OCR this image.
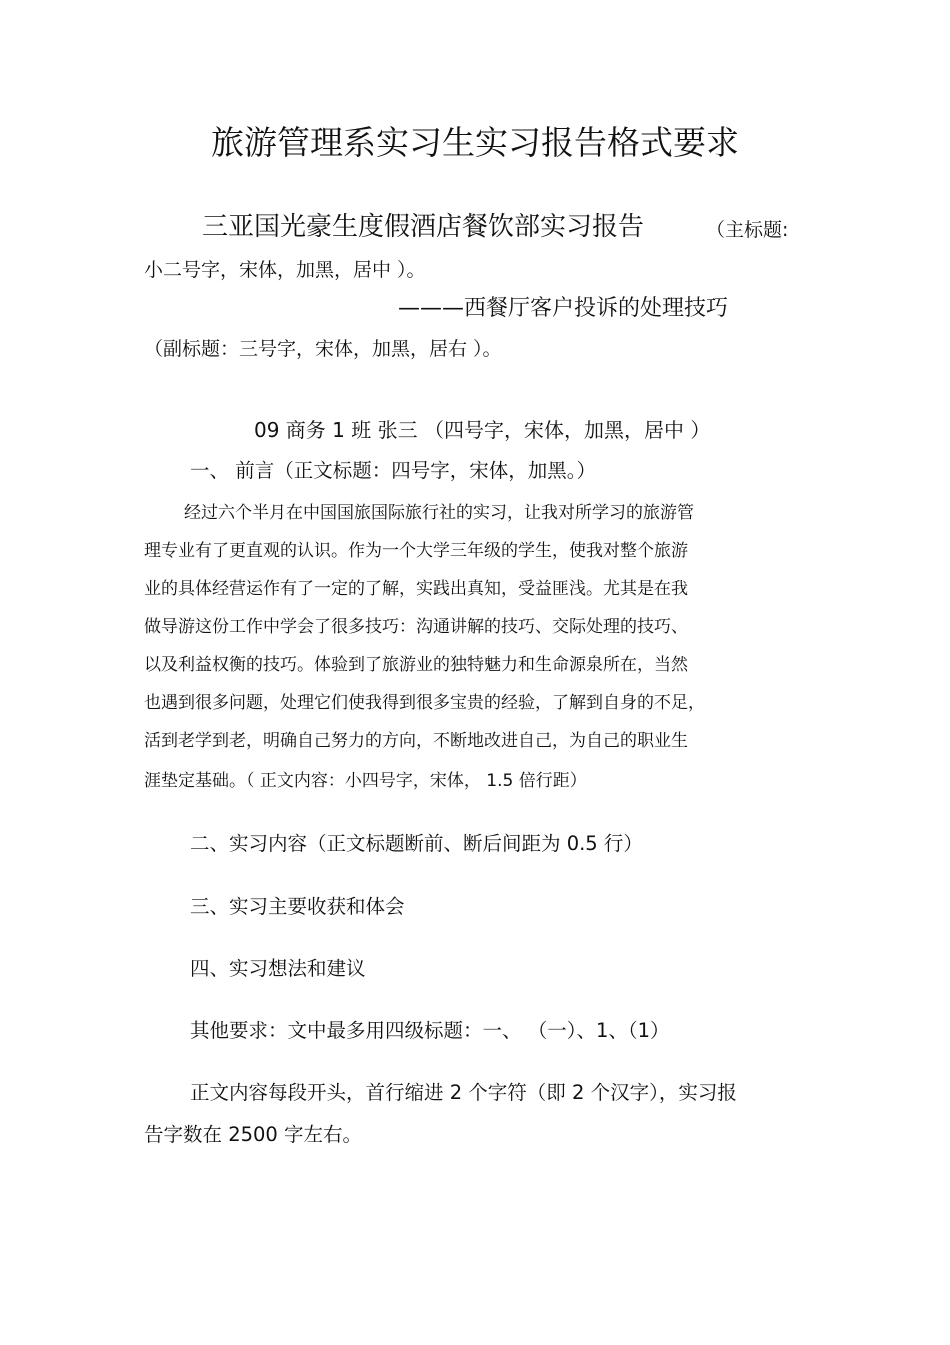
旅游管理系实习生实习报告格式要求
三亚国光豪生度假酒店餐饮部实习报告	（主标题:
小二号字，宋体，加黑，居中 ）。
———西餐厅客户投诉的处理技巧
（副标题：三号字，宋体，加黑，居右 ）。
09 商务 1 班 张三 （四号字，宋体，加黑，居中 ）
一、 前言（正文标题：四号字，宋体，加黑。）
经过六个半月在中国国旅国际旅行社的实习，让我对所学习的旅游管
理专业有了更直观的认识。作为一个大学三年级的学生，使我对整个旅游
业的具体经营运作有了一定的了解，实践出真知，受益匪浅。尤其是在我
做导游这份工作中学会了很多技巧：沟通讲解的技巧、交际处理的技巧、
以及利益权衡的技巧。体验到了旅游业的独特魅力和生命源泉所在，当然
也遇到很多问题，处理它们使我得到很多宝贵的经验，了解到自身的不足，
活到老学到老，明确自己努力的方向，不断地改进自己，为自己的职业生
涯垫定基础。（ 正文内容：小四号字，宋体， 1.5 倍行距）
二、实习内容（正文标题断前、断后间距为 0.5 行）
三、实习主要收获和体会
四、实习想法和建议
其他要求：文中最多用四级标题：一、 （一）、1、（1）
正文内容每段开头，首行缩进 2 个字符（即 2 个汉字），实习报
告字数在 2500 字左右。
